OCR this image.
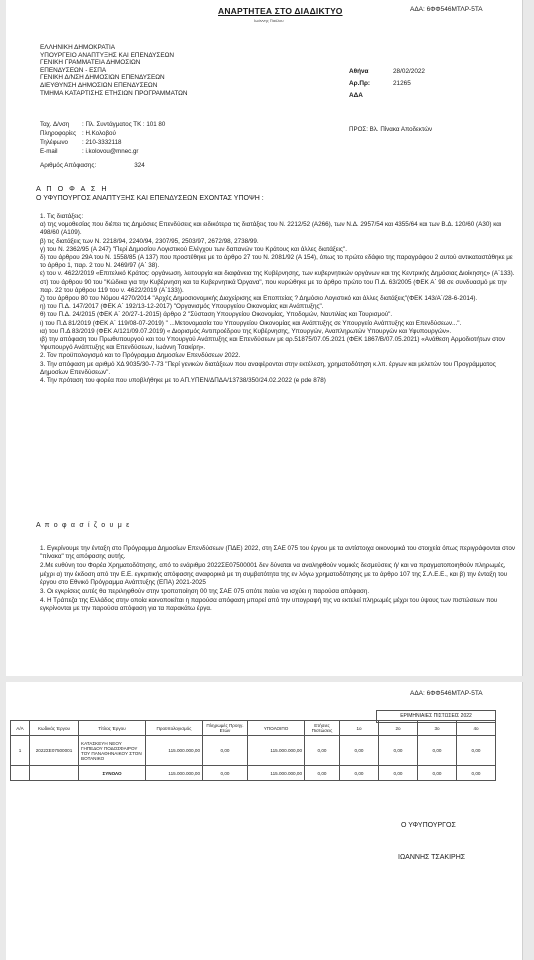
ΑΝΑΡΤΗΤΕΑ ΣΤΟ ΔΙΑΔΙΚΤΥΟ
Ιωάννης Παύλου
ΑΔΑ: 6ΦΦ546ΜΤΛΡ-5ΤΑ
ΕΛΛΗΝΙΚΗ ΔΗΜΟΚΡΑΤΙΑ
ΥΠΟΥΡΓΕΙΟ ΑΝΑΠΤΥΞΗΣ ΚΑΙ ΕΠΕΝΔΥΣΕΩΝ
ΓΕΝΙΚΗ ΓΡΑΜΜΑΤΕΙΑ ΔΗΜΟΣΙΩΝ
ΕΠΕΝΔΥΣΕΩΝ - ΕΣΠΑ
ΓΕΝΙΚΗ Δ/ΝΣΗ ΔΗΜΟΣΙΩΝ ΕΠΕΝΔΥΣΕΩΝ
ΔΙΕΥΘΥΝΣΗ ΔΗΜΟΣΙΩΝ ΕΠΕΝΔΥΣΕΩΝ
ΤΜΗΜΑ ΚΑΤΑΡΤΙΣΗΣ ΕΤΗΣΙΩΝ ΠΡΟΓΡΑΜΜΑΤΩΝ
Αθήνα	28/02/2022
Αρ.Πρ:	21265
ΑΔΑ
Ταχ. Δ/νση : Πλ. Συντάγματος ΤΚ : 101 80
Πληροφορίες : Η.Κολοβού
Τηλέφωνο : 210-3332118
E-mail	: i.kolovou@mnec.gr
ΠΡΟΣ: Βλ. Πίνακα Αποδεκτών
Αριθμός Απόφασης:	324
Α Π Ο Φ Α Σ Η
Ο ΥΦΥΠΟΥΡΓΟΣ ΑΝΑΠΤΥΞΗΣ ΚΑΙ ΕΠΕΝΔΥΣΕΩΝ ΕΧΟΝΤΑΣ ΥΠΟΨΗ :

1. Τις διατάξεις:

α) της νομοθεσίας που διέπει τις Δημόσιες Επενδύσεις και ειδικότερα τις διατάξεις του Ν. 2212/52 (Α266), των Ν.Δ. 2957/54 και 4355/64 και των Β.Δ. 120/60 (Α30) και

498/60 (Α109).

β) τις διατάξεις των Ν. 2218/94, 2240/94, 2307/95, 2503/97, 2672/98, 2738/99.

γ) του Ν. 2362/95 (Α 247) "Περί Δημοσίου Λογιστικού Ελέγχου των δαπανών του Κράτους και άλλες διατάξεις".

δ) του άρθρου 29Α του Ν. 1558/85 (Α 137) που προστέθηκε με το άρθρο 27 του Ν. 2081/92 (Α 154), όπως το πρώτο εδάφιο της παραγράφου 2 αυτού αντικαταστάθηκε με το άρθρο 1, παρ. 2 του Ν. 2469/97 (Α΄ 38).

ε) του ν. 4622/2019 «Επιτελικό Κράτος: οργάνωση, λειτουργία και διαφάνεια της Κυβέρνησης, των κυβερνητικών οργάνων και της Κεντρικής Δημόσιας Διοίκησης» (Α΄133).

στ) του άρθρου 90 του "Κώδικα για την Κυβέρνηση και τα Κυβερνητικά Όργανα", που κυρώθηκε με το άρθρο πρώτο του Π.Δ. 63/2005 (ΦΕΚ Α΄ 98 σε συνδυασμό με την παρ. 22 του άρθρου 119 του ν. 4622/2019 (Α΄133)).

ζ) του άρθρου 80 του Νόμου 4270/2014 "Αρχές Δημοσιονομικής Διαχείρισης και Εποπτείας ? Δημόσιο Λογιστικό και άλλες διατάξεις"(ΦΕΚ 143/Α΄/28-6-2014).

η) του Π.Δ. 147/2017 (ΦΕΚ Α΄ 192/13-12-2017) "Οργανισμός Υπουργείου Οικονομίας και Ανάπτυξης".

θ) του Π.Δ. 24/2015 (ΦΕΚ Α΄ 20/27-1-2015) άρθρο 2 "Σύσταση Υπουργείου Οικονομίας, Υποδομών, Ναυτιλίας και Τουρισμού".

ι) του Π.Δ 81/2019 (ΦΕΚ Α΄ 119/08-07-2019) " ...Μετονομασία του Υπουργείου Οικονομίας και Ανάπτυξης σε Υπουργείο Ανάπτυξης και Επενδύσεων...".

ια) του Π.Δ 83/2019 (ΦΕΚ Α/121/09.07.2019) « Διορισμός Αντιπροέδρου της Κυβέρνησης, Υπουργών, Αναπληρωτών Υπουργών και Υφυπουργών».

ιβ) την απόφαση του Πρωθυπουργού και του Υπουργού Ανάπτυξης και Επενδύσεων με αρ.51875/07.05.2021 (ΦΕΚ 1867/Β/07.05.2021) «Ανάθεση Αρμοδιοτήτων στον Υφυπουργό Ανάπτυξης και Επενδύσεων, Ιωάννη Τσακίρη».

2. Τον προϋπολογισμό και το Πρόγραμμα Δημοσίων Επενδύσεων 2022.

3. Την απόφαση με αριθμό ΧΔ 9035/30-7-73 "Περί γενικών διατάξεων που αναφέρονται στην εκτέλεση, χρηματοδότηση κ.λπ. έργων και μελετών του Προγράμματος Δημοσίων Επενδύσεων".

4. Την πρόταση του φορέα που υποβλήθηκε με το ΑΠ.ΥΠΕΝ/ΔΠΔΑ/13738/350/24.02.2022 (e pde 878)

Α π ο φ α σ ί ζ ο υ μ ε

1. Εγκρίνουμε την ένταξη στο Πρόγραμμα Δημοσίων Επενδύσεων (ΠΔΕ) 2022, στη ΣΑΕ 075 του έργου με τα αντίστοιχα οικονομικά του στοιχεία όπως περιγράφονται στον "πίνακα" της απόφασης αυτής.

2.Με ευθύνη του Φορέα Χρηματοδότησης, από το ενάριθμο 2022ΣΕ07500001 δεν δύναται να αναληφθούν νομικές δεσμεύσεις ή/ και να πραγματοποιηθούν πληρωμές, μέχρι α) την έκδοση από την Ε.Ε. εγκριτικής απόφασης αναφορικά με τη συμβατότητα της εν λόγω χρηματοδότησης με το άρθρο 107 της Σ.Λ.Ε.Ε., και β) την ένταξη του έργου στο Εθνικό Πρόγραμμα Ανάπτυξης (ΕΠΑ) 2021-2025

3. Οι εγκρίσεις αυτές θα περιληφθούν στην τροποποίηση 00 της ΣΑΕ 075 οπότε παύει να ισχύει η παρούσα απόφαση.

4. Η Τράπεζα της Ελλάδος στην οποία κοινοποιείται η παρούσα απόφαση μπορεί από την υπογραφή της να εκτελεί πληρωμές μέχρι του ύψους των πιστώσεων που εγκρίνονται με την παρούσα απόφαση για τα παρακάτω έργα.

ΑΔΑ: 6ΦΦ546ΜΤΛΡ-5ΤΑ
ΕΡΙΜΗΝΙΑΙΕΣ ΠΙΣΤΩΣΕΙΣ 2022
Α/Α	Κωδικός Έργου	Τίτλος Έργου	Προϋπολογισμός	Πληρωμές Προηγ. Ετών	ΥΠΟΛΟΙΠΟ	Ετήσιες Πιστώσεις	1ο	2ο	3ο	4ο
1	2022ΣΕ07500001	ΚΑΤΑΣΚΕΥΗ ΝΕΟΥ ΓΗΠΕΔΟΥ ΠΟΔΟΣΦΑΙΡΟΥ ΤΟΥ ΠΑΝΑΘΗΝΑΙΚΟΥ ΣΤΟΝ ΒΟΤΑΝΙΚΟ	115.000.000,00	0,00	115.000.000,00	0,00	0,00	0,00	0,00	0,00
		ΣΥΝΟΛΟ	115.000.000,00	0,00	115.000.000,00	0,00	0,00	0,00	0,00	0,00
Ο ΥΦΥΠΟΥΡΓΟΣ
ΙΩΑΝΝΗΣ ΤΣΑΚΙΡΗΣ
